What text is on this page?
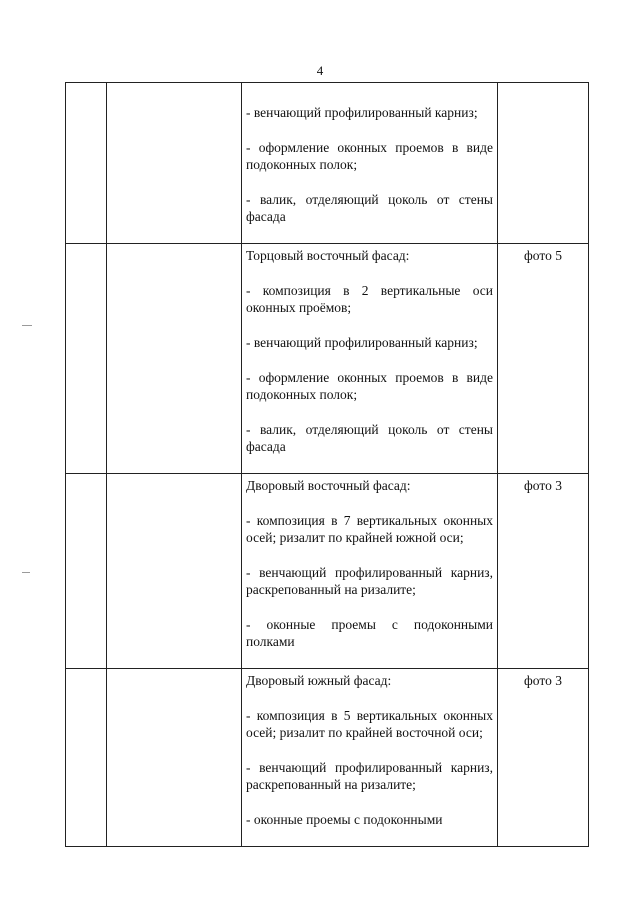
4

		- венчающий профилированный карниз;

- оформление оконных проемов в виде подоконных полок;

- валик, отделяющий цоколь от стены фасада	

		Торцовый восточный фасад:

- композиция в 2 вертикальные оси оконных проёмов;

- венчающий профилированный карниз;

- оформление оконных проемов в виде подоконных полок;

- валик, отделяющий цоколь от стены фасада	фото 5

		Дворовый восточный фасад:

- композиция в 7 вертикальных оконных осей; ризалит по крайней южной оси;

- венчающий профилированный карниз, раскрепованный на ризалите;

- оконные проемы с подоконными полками	фото 3

		Дворовый южный фасад:

- композиция в 5 вертикальных оконных осей; ризалит по крайней восточной оси;

- венчающий профилированный карниз, раскрепованный на ризалите;

- оконные проемы с подоконными	фото 3
